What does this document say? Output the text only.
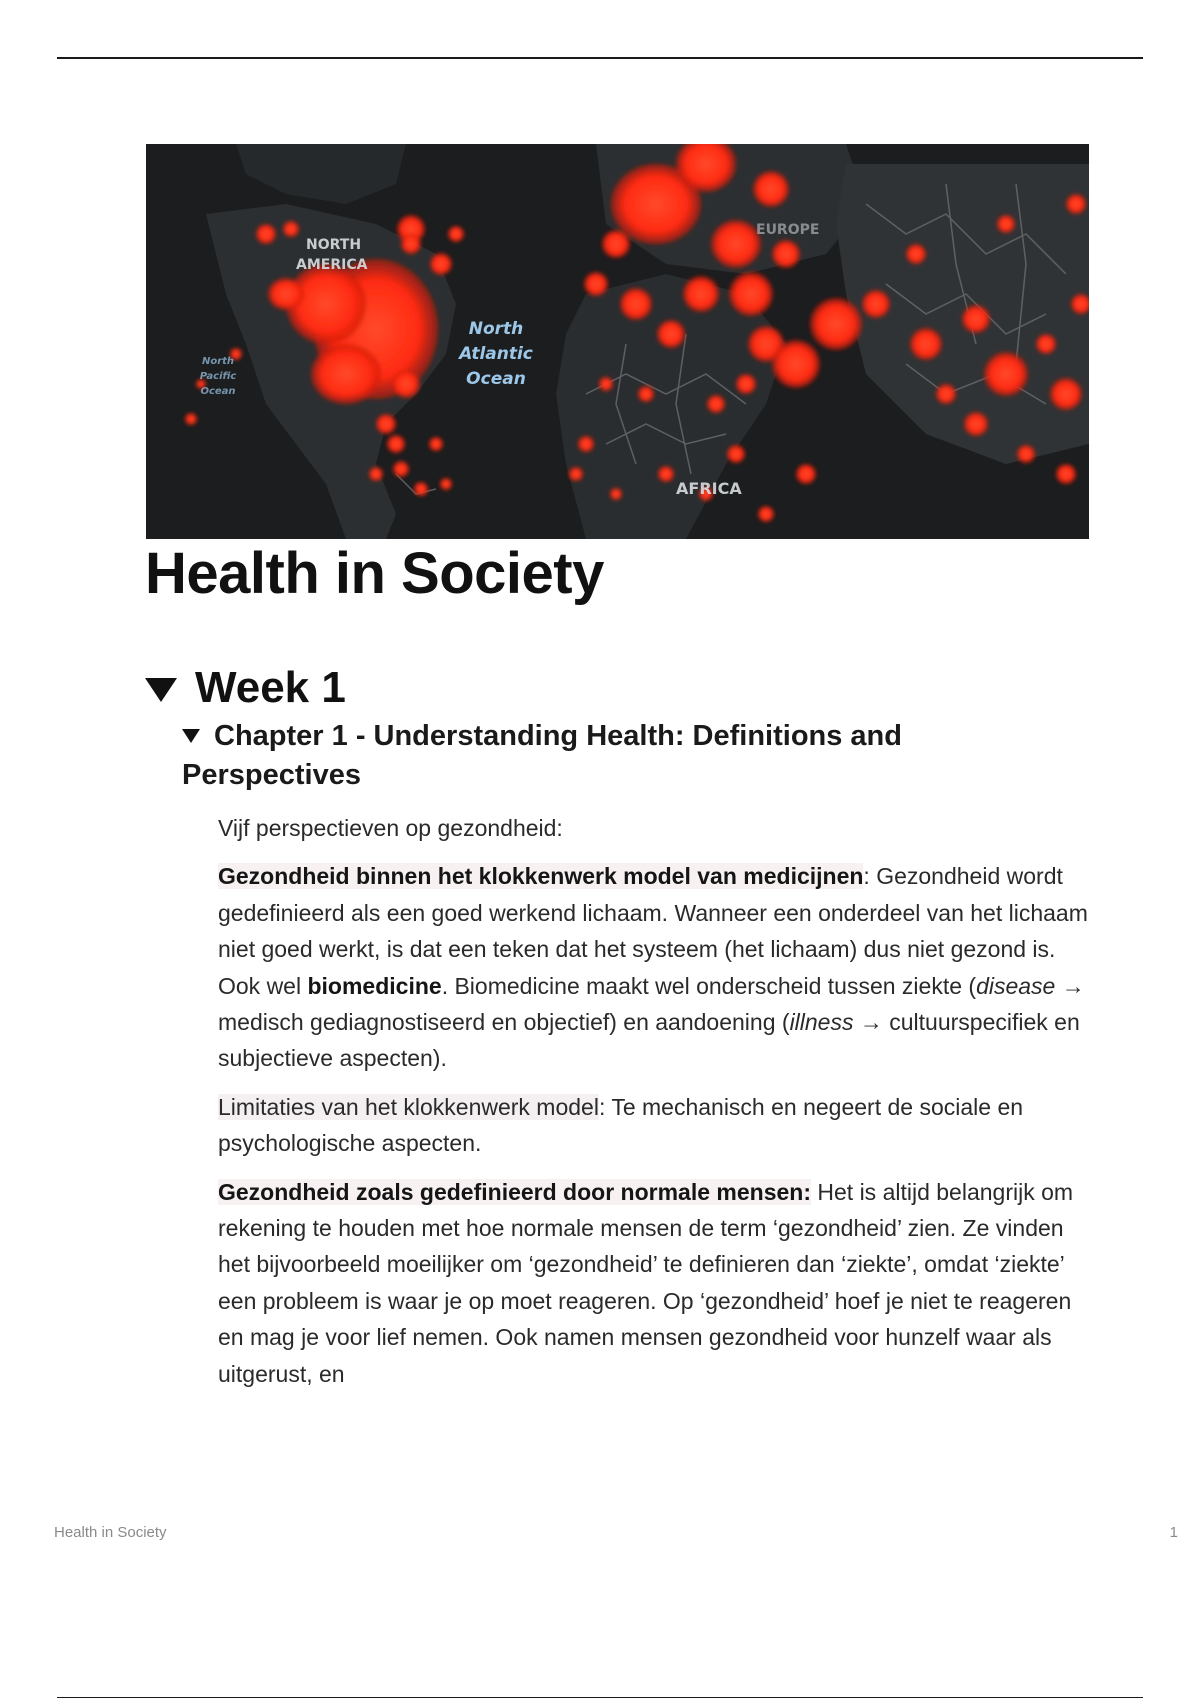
NORTH
AMERICA
AFRICA
EUROPE
North
Atlantic
Ocean
North
Pacific
Ocean
Health in Society
Week 1
Chapter 1 - Understanding Health: Definitions and Perspectives

Vijf perspectieven op gezondheid:

Gezondheid binnen het klokkenwerk model van medicijnen: Gezondheid wordt gedefinieerd als een goed werkend lichaam. Wanneer een onderdeel van het lichaam niet goed werkt, is dat een teken dat het systeem (het lichaam) dus niet gezond is. Ook wel biomedicine. Biomedicine maakt wel onderscheid tussen ziekte (disease → medisch gediagnostiseerd en objectief) en aandoening (illness → cultuurspecifiek en subjectieve aspecten).

Limitaties van het klokkenwerk model: Te mechanisch en negeert de sociale en psychologische aspecten.

Gezondheid zoals gedefinieerd door normale mensen: Het is altijd belangrijk om rekening te houden met hoe normale mensen de term ‘gezondheid’ zien. Ze vinden het bijvoorbeeld moeilijker om ‘gezondheid’ te definieren dan ‘ziekte’, omdat ‘ziekte’ een probleem is waar je op moet reageren. Op ‘gezondheid’ hoef je niet te reageren en mag je voor lief nemen. Ook namen mensen gezondheid voor hunzelf waar als uitgerust, en

Health in Society	1
